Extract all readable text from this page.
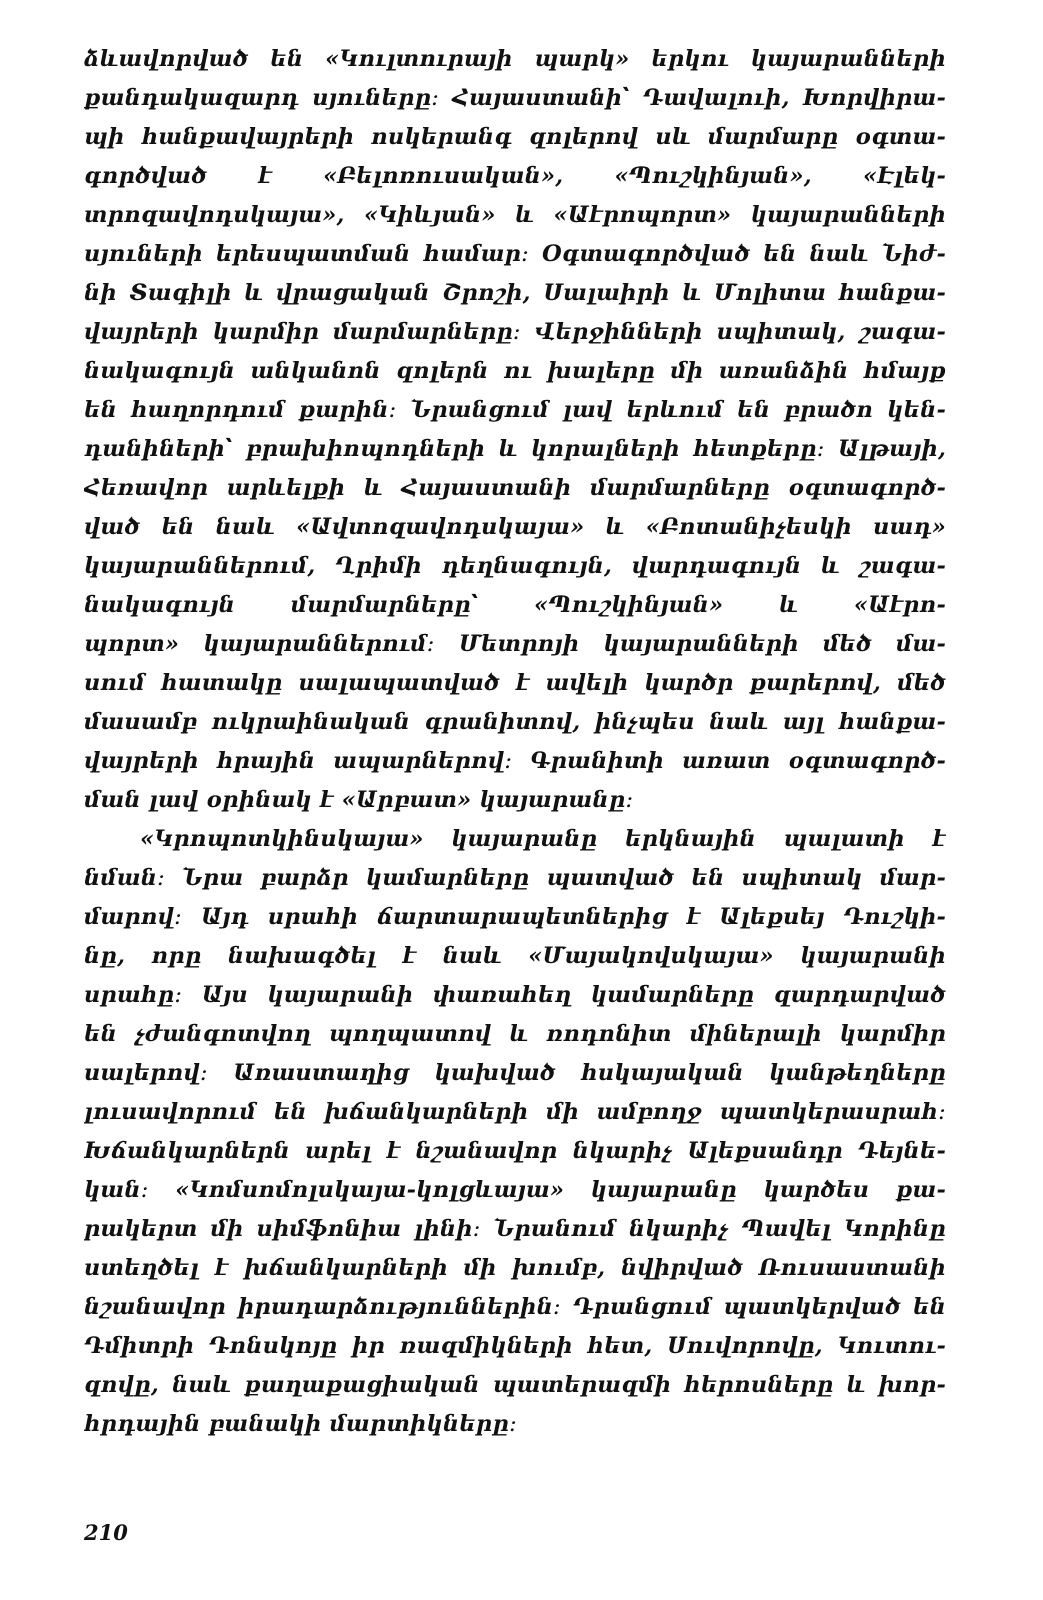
ձևավորված են «Կուլտուրայի պարկ» երկու կայարանների
քանդակազարդ սյուները։ Հայաստանի՝ Դավալուի, Խորվիրա-
պի հանքավայրերի ոսկերանգ զոլերով սև մարմարը օգտա-
գործված է «Բելոռուսական», «Պուշկինյան», «Էլեկ-
տրոզավոդսկայա», «Կիևյան» և «Աէրոպորտ» կայարանների
սյուների երեսպատման համար։ Օգտագործված են նաև Նիժ-
նի Տագիլի և վրացական Շրոշի, Սալաիրի և Մոլիտա հանքա-
վայրերի կարմիր մարմարները։ Վերջինների սպիտակ, շագա-
նակագույն անկանոն զոլերն ու խալերը մի առանձին հմայք
են հաղորդում քարին։ Նրանցում լավ երևում են բրածո կեն-
դանիների՝ բրախիոպոդների և կորալների հետքերը։ Ալթայի,
Հեռավոր արևելքի և Հայաստանի մարմարները օգտագործ-
ված են նաև «Ավտոզավոդսկայա» և «Բոտանիչեսկի սադ»
կայարաններում, Ղրիմի դեղնագույն, վարդագույն և շագա-
նակագույն մարմարները՝ «Պուշկինյան» և «Աէրո-
պորտ» կայարաններում։ Մետրոյի կայարանների մեծ մա-
սում հատակը սալապատված է ավելի կարծր քարերով, մեծ
մասամբ ուկրաինական գրանիտով, ինչպես նաև այլ հանքա-
վայրերի հրային ապարներով։ Գրանիտի առատ օգտագործ-
ման լավ օրինակ է «Արբատ» կայարանը։
«Կրոպոտկինսկայա» կայարանը երկնային պալատի է
նման։ Նրա բարձր կամարները պատված են սպիտակ մար-
մարով։ Այդ սրահի ճարտարապետներից է Ալեքսեյ Դուշկի-
նը, որը նախագծել է նաև «Մայակովսկայա» կայարանի
սրահը։ Այս կայարանի փառահեղ կամարները զարդարված
են չժանգոտվող պողպատով և ռոդոնիտ միներալի կարմիր
սալերով։ Առաստաղից կախված հսկայական կանթեղները
լուսավորում են խճանկարների մի ամբողջ պատկերասրահ։
Խճանկարներն արել է նշանավոր նկարիչ Ալեքսանդր Դեյնե-
կան։ «Կոմսոմոլսկայա-կոլցևայա» կայարանը կարծես քա-
րակերտ մի սիմֆոնիա լինի։ Նրանում նկարիչ Պավել Կորինը
ստեղծել է խճանկարների մի խումբ, նվիրված Ռուսաստանի
նշանավոր իրադարձություններին։ Դրանցում պատկերված են
Դմիտրի Դոնսկոյը իր ռազմիկների հետ, Սուվորովը, Կուտու-
զովը, նաև քաղաքացիական պատերազմի հերոսները և խոր-
հրդային բանակի մարտիկները։
210
